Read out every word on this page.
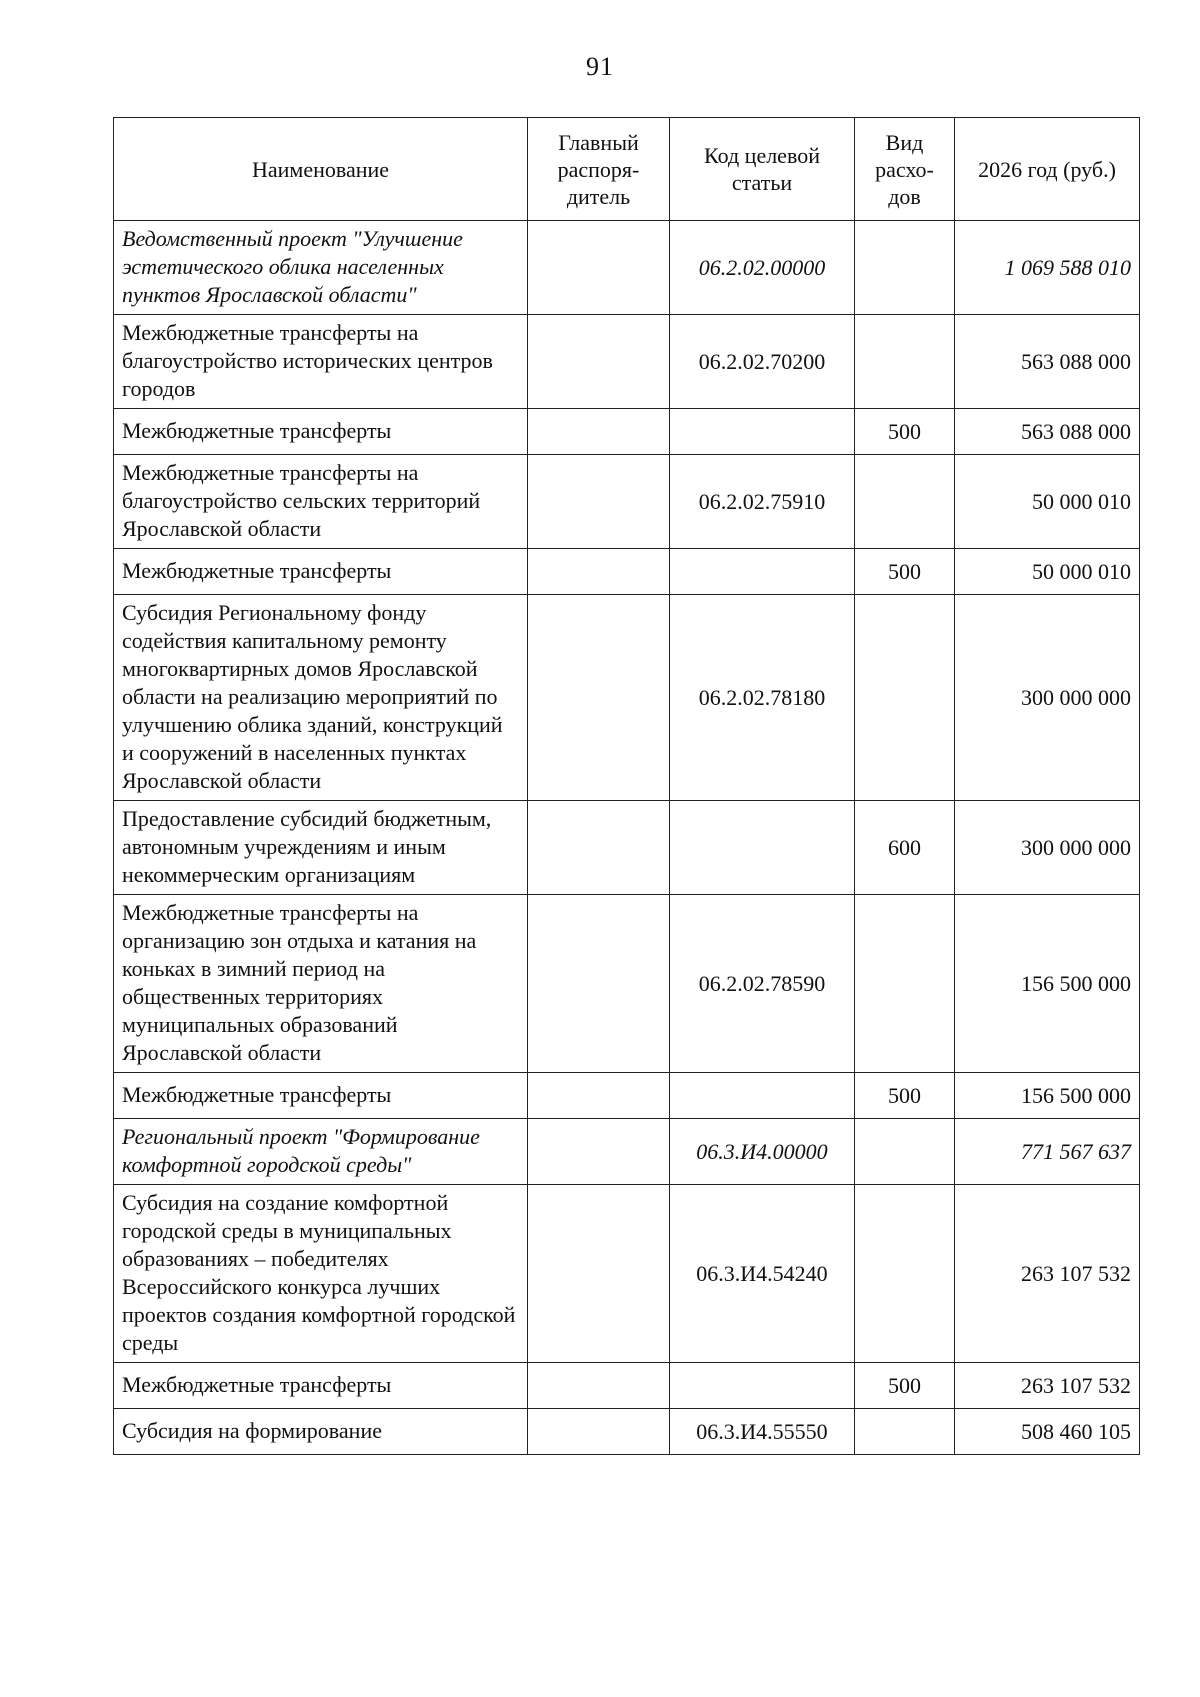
91
Наименование	Главный распоря-дитель	Код целевой статьи	Вид расхо-дов	2026 год (руб.)
Ведомственный проект "Улучшение эстетического облика населенных пунктов Ярославской области"		06.2.02.00000		1 069 588 010
Межбюджетные трансферты на благоустройство исторических центров городов		06.2.02.70200		563 088 000
Межбюджетные трансферты			500	563 088 000
Межбюджетные трансферты на благоустройство сельских территорий Ярославской области		06.2.02.75910		50 000 010
Межбюджетные трансферты			500	50 000 010
Субсидия Региональному фонду содействия капитальному ремонту многоквартирных домов Ярославской области на реализацию мероприятий по улучшению облика зданий, конструкций и сооружений в населенных пунктах Ярославской области		06.2.02.78180		300 000 000
Предоставление субсидий бюджетным, автономным учреждениям и иным некоммерческим организациям			600	300 000 000
Межбюджетные трансферты на организацию зон отдыха и катания на коньках в зимний период на общественных территориях муниципальных образований Ярославской области		06.2.02.78590		156 500 000
Межбюджетные трансферты			500	156 500 000
Региональный проект "Формирование комфортной городской среды"		06.3.И4.00000		771 567 637
Субсидия на создание комфортной городской среды в муниципальных образованиях – победителях Всероссийского конкурса лучших проектов создания комфортной городской среды		06.3.И4.54240		263 107 532
Межбюджетные трансферты			500	263 107 532
Субсидия на формирование		06.3.И4.55550		508 460 105
